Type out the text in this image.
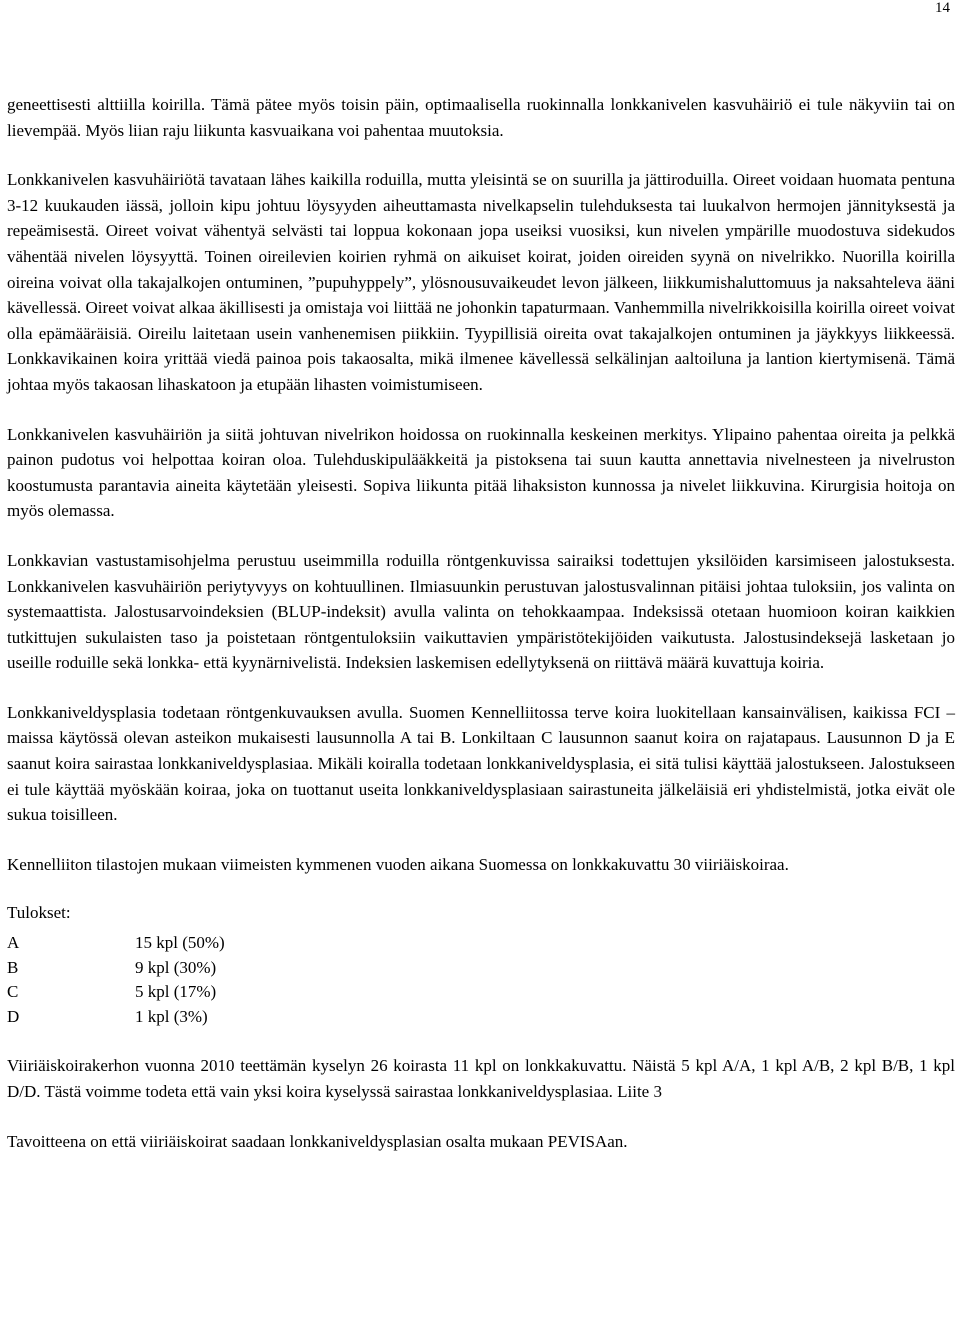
14

geneettisesti alttiilla koirilla. Tämä pätee myös toisin päin, optimaalisella ruokinnalla lonkkanivelen kasvuhäiriö ei tule näkyviin tai on lievempää. Myös liian raju liikunta kasvuaikana voi pahentaa muutoksia.

Lonkkanivelen kasvuhäiriötä tavataan lähes kaikilla roduilla, mutta yleisintä se on suurilla ja jättiroduilla. Oireet voidaan huomata pentuna 3-12 kuukauden iässä, jolloin kipu johtuu löysyyden aiheuttamasta nivelkapselin tulehduksesta tai luukalvon hermojen jännityksestä ja repeämisestä. Oireet voivat vähentyä selvästi tai loppua kokonaan jopa useiksi vuosiksi, kun nivelen ympärille muodostuva sidekudos vähentää nivelen löysyyttä. Toinen oireilevien koirien ryhmä on aikuiset koirat, joiden oireiden syynä on nivelrikko. Nuorilla koirilla oireina voivat olla takajalkojen ontuminen, ”pupuhyppely”, ylösnousuvaikeudet levon jälkeen, liikkumishaluttomuus ja naksahteleva ääni kävellessä. Oireet voivat alkaa äkillisesti ja omistaja voi liittää ne johonkin tapaturmaan. Vanhemmilla nivelrikkoisilla koirilla oireet voivat olla epämääräisiä. Oireilu laitetaan usein vanhenemisen piikkiin. Tyypillisiä oireita ovat takajalkojen ontuminen ja jäykkyys liikkeessä. Lonkkavikainen koira yrittää viedä painoa pois takaosalta, mikä ilmenee kävellessä selkälinjan aaltoiluna ja lantion kiertymisenä. Tämä johtaa myös takaosan lihaskatoon ja etupään lihasten voimistumiseen.

Lonkkanivelen kasvuhäiriön ja siitä johtuvan nivelrikon hoidossa on ruokinnalla keskeinen merkitys. Ylipaino pahentaa oireita ja pelkkä painon pudotus voi helpottaa koiran oloa. Tulehduskipulääkkeitä ja pistoksena tai suun kautta annettavia nivelnesteen ja nivelruston koostumusta parantavia aineita käytetään yleisesti. Sopiva liikunta pitää lihaksiston kunnossa ja nivelet liikkuvina. Kirurgisia hoitoja on myös olemassa.

Lonkkavian vastustamisohjelma perustuu useimmilla roduilla röntgenkuvissa sairaiksi todettujen yksilöiden karsimiseen jalostuksesta. Lonkkanivelen kasvuhäiriön periytyvyys on kohtuullinen. Ilmiasuunkin perustuvan jalostusvalinnan pitäisi johtaa tuloksiin, jos valinta on systemaattista. Jalostusarvoindeksien (BLUP-indeksit) avulla valinta on tehokkaampaa. Indeksissä otetaan huomioon koiran kaikkien tutkittujen sukulaisten taso ja poistetaan röntgentuloksiin vaikuttavien ympäristötekijöiden vaikutusta. Jalostusindeksejä lasketaan jo useille roduille sekä lonkka- että kyynärnivelistä. Indeksien laskemisen edellytyksenä on riittävä määrä kuvattuja koiria.

Lonkkaniveldysplasia todetaan röntgenkuvauksen avulla. Suomen Kennelliitossa terve koira luokitellaan kansainvälisen, kaikissa FCI –maissa käytössä olevan asteikon mukaisesti lausunnolla A tai B. Lonkiltaan C lausunnon saanut koira on rajatapaus. Lausunnon D ja E saanut koira sairastaa lonkkaniveldysplasiaa. Mikäli koiralla todetaan lonkkaniveldysplasia, ei sitä tulisi käyttää jalostukseen. Jalostukseen ei tule käyttää myöskään koiraa, joka on tuottanut useita lonkkaniveldysplasiaan sairastuneita jälkeläisiä eri yhdistelmistä, jotka eivät ole sukua toisilleen.

Kennelliiton tilastojen mukaan viimeisten kymmenen vuoden aikana Suomessa on lonkkakuvattu 30 viiriäiskoiraa.

Tulokset:
A	15 kpl (50%)
B	9 kpl (30%)
C	5 kpl (17%)
D	1 kpl (3%)

Viiriäiskoirakerhon vuonna 2010 teettämän kyselyn 26 koirasta 11 kpl on lonkkakuvattu. Näistä 5 kpl A/A, 1 kpl A/B, 2 kpl B/B, 1 kpl D/D. Tästä voimme todeta että vain yksi koira kyselyssä sairastaa lonkkaniveldysplasiaa. Liite 3

Tavoitteena on että viiriäiskoirat saadaan lonkkaniveldysplasian osalta mukaan PEVISAan.
